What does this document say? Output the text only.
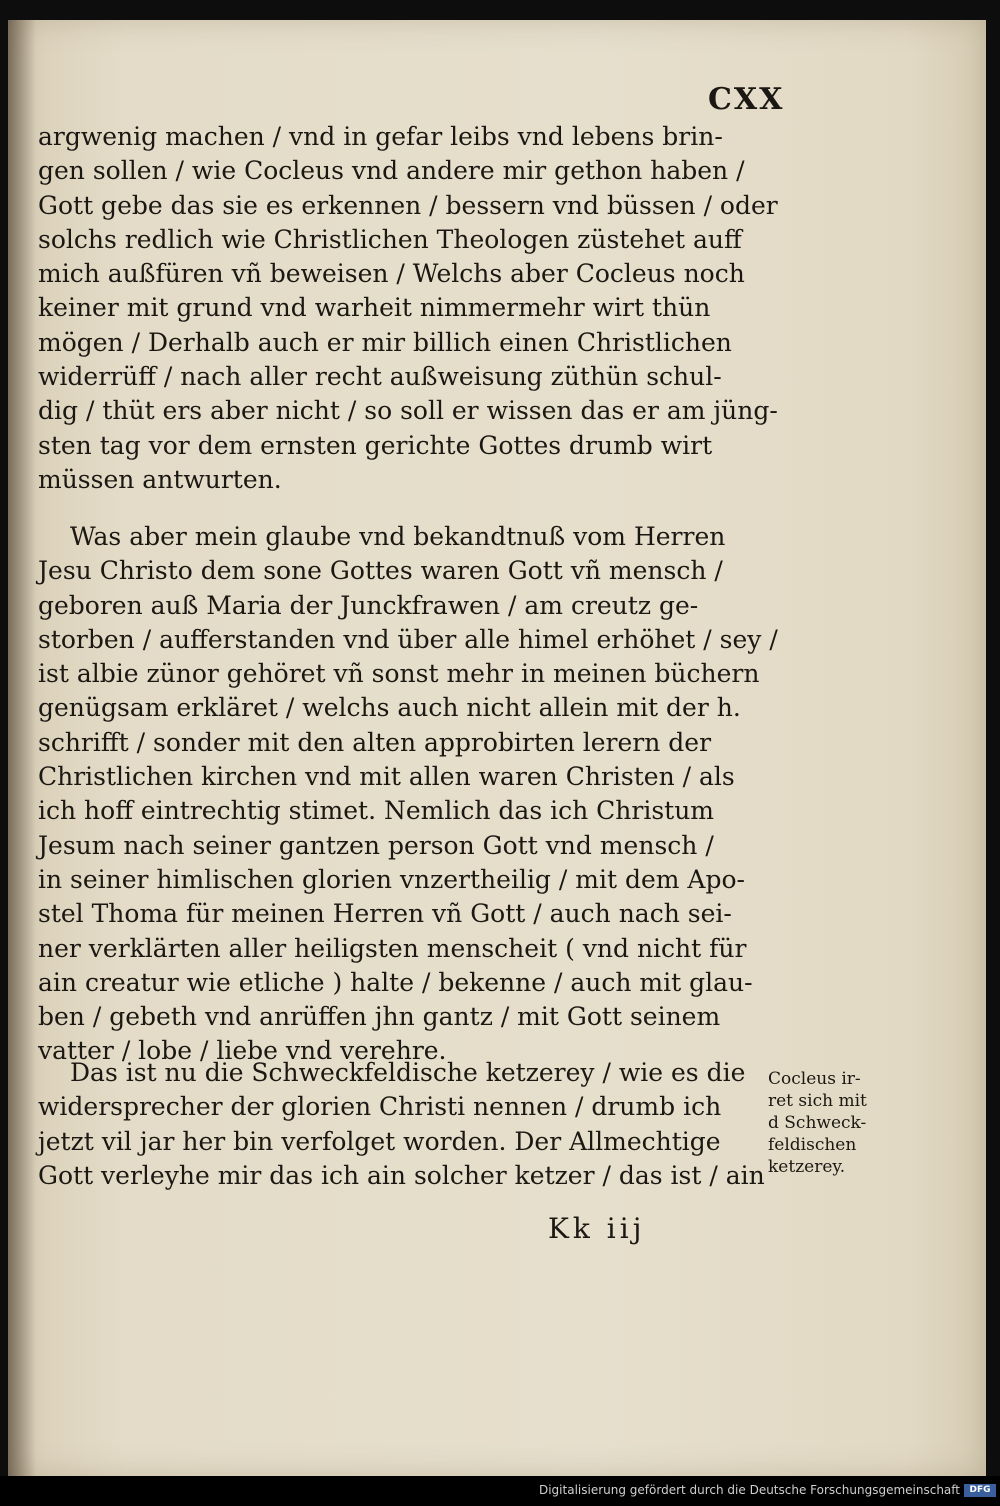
CXX
argwenig machen / vnd in gefar leibs vnd lebens brin-
gen sollen / wie Cocleus vnd andere mir gethon haben /
Gott gebe das sie es erkennen / bessern vnd büssen / oder
solchs redlich wie Christlichen Theologen züstehet auff
mich außfüren vñ beweisen / Welchs aber Cocleus noch
keiner mit grund vnd warheit nimmermehr wirt thün
mögen / Derhalb auch er mir billich einen Christlichen
widerrüff / nach aller recht außweisung züthün schul-
dig / thüt ers aber nicht / so soll er wissen das er am jüng-
sten tag vor dem ernsten gerichte Gottes drumb wirt
müssen antwurten.
Was aber mein glaube vnd bekandtnuß vom Herren
Jesu Christo dem sone Gottes waren Gott vñ mensch /
geboren auß Maria der Junckfrawen / am creutz ge-
storben / aufferstanden vnd über alle himel erhöhet / sey /
ist albie zünor gehöret vñ sonst mehr in meinen büchern
genügsam erkläret / welchs auch nicht allein mit der h.
schrifft / sonder mit den alten approbirten lerern der
Christlichen kirchen vnd mit allen waren Christen / als
ich hoff eintrechtig stimet. Nemlich das ich Christum
Jesum nach seiner gantzen person Gott vnd mensch /
in seiner himlischen glorien vnzertheilig / mit dem Apo-
stel Thoma für meinen Herren vñ Gott / auch nach sei-
ner verklärten aller heiligsten menscheit ( vnd nicht für
ain creatur wie etliche ) halte / bekenne / auch mit glau-
ben / gebeth vnd anrüffen jhn gantz / mit Gott seinem
vatter / lobe / liebe vnd verehre.
Das ist nu die Schweckfeldische ketzerey / wie es die
widersprecher der glorien Christi nennen / drumb ich
jetzt vil jar her bin verfolget worden. Der Allmechtige
Gott verleyhe mir das ich ain solcher ketzer / das ist / ain
Cocleus ir-
ret sich mit
d Schweck-
feldischen
ketzerey.
Kk iij
Digitalisierung gefördert durch die Deutsche Forschungsgemeinschaft	DFG
